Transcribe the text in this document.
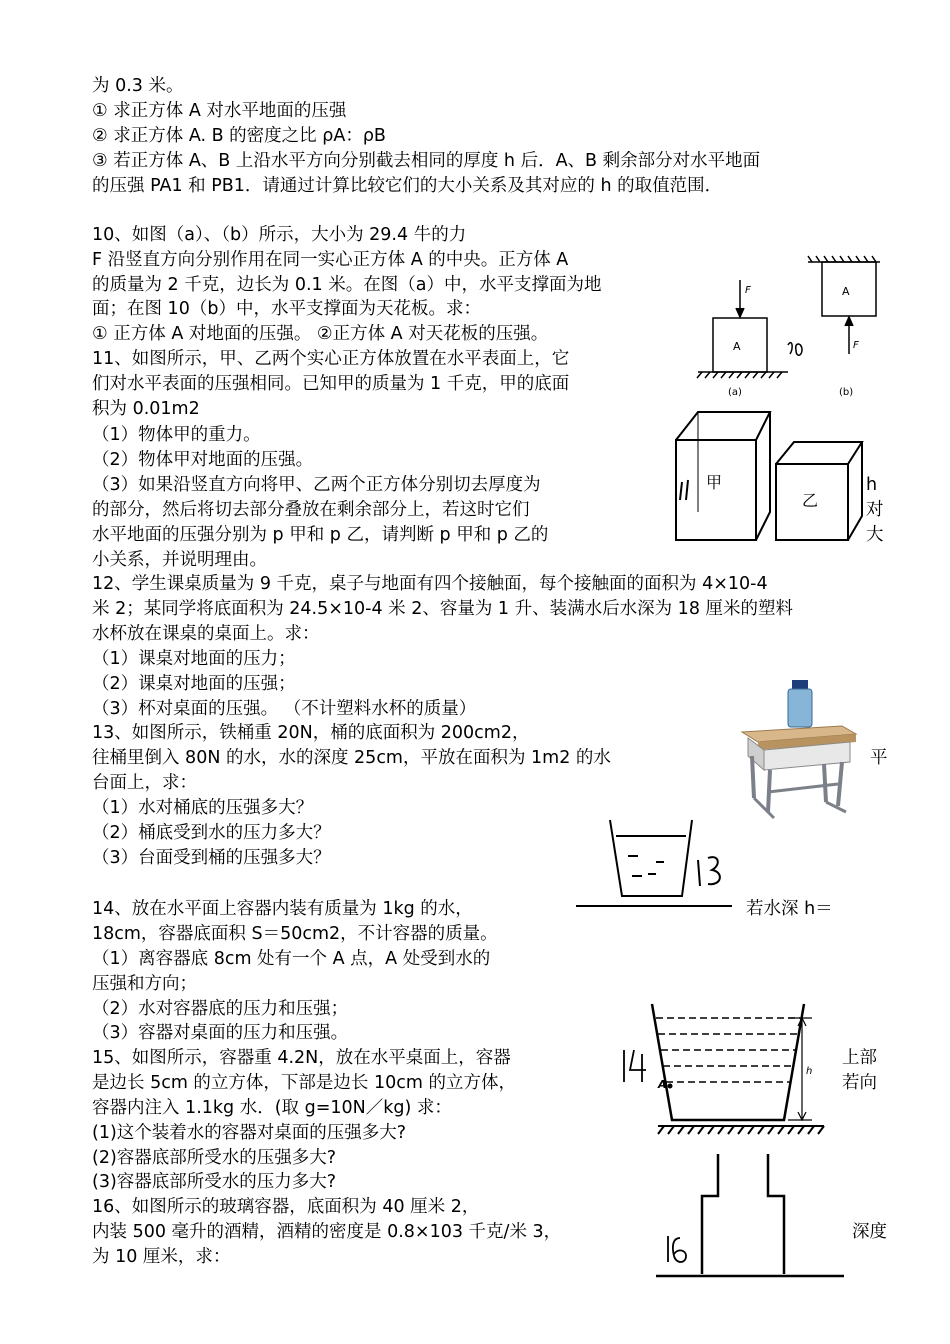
为 0.3 米。
① 求正方体 A 对水平地面的压强
② 求正方体 A. B 的密度之比 ρA：ρB
③ 若正方体 A、B 上沿水平方向分别截去相同的厚度 h 后．A、B 剩余部分对水平地面
的压强 PA1 和 PB1．请通过计算比较它们的大小关系及其对应的 h 的取值范围．
10、如图（a）、（b）所示，大小为 29.4 牛的力
F 沿竖直方向分别作用在同一实心正方体 A 的中央。正方体 A
的质量为 2 千克，边长为 0.1 米。在图（a）中，水平支撑面为地
面；在图 10（b）中，水平支撑面为天花板。求：
① 正方体 A 对地面的压强。 ②正方体 A 对天花板的压强。
11、如图所示，甲、乙两个实心正方体放置在水平表面上，它
们对水平表面的压强相同。已知甲的质量为 1 千克，甲的底面
积为 0.01m2
（1）物体甲的重力。
（2）物体甲对地面的压强。
（3）如果沿竖直方向将甲、乙两个正方体分别切去厚度为
的部分，然后将切去部分叠放在剩余部分上，若这时它们
水平地面的压强分别为 p 甲和 p 乙，请判断 p 甲和 p 乙的
小关系，并说明理由。
12、学生课桌质量为 9 千克，桌子与地面有四个接触面，每个接触面的面积为 4×10-4
米 2；某同学将底面积为 24.5×10-4 米 2、容量为 1 升、装满水后水深为 18 厘米的塑料
水杯放在课桌的桌面上。求：
（1）课桌对地面的压力；
（2）课桌对地面的压强；
（3）杯对桌面的压强。 （不计塑料水杯的质量）
13、如图所示，铁桶重 20N，桶的底面积为 200cm2，
往桶里倒入 80N 的水，水的深度 25cm，平放在面积为 1m2 的水
台面上，求：
（1）水对桶底的压强多大？
（2）桶底受到水的压力多大？
（3）台面受到桶的压强多大？
14、放在水平面上容器内装有质量为 1kg 的水，
18cm，容器底面积 S＝50cm2，不计容器的质量。
（1）离容器底 8cm 处有一个 A 点，A 处受到水的
压强和方向；
（2）水对容器底的压力和压强；
（3）容器对桌面的压力和压强。
15、如图所示，容器重 4.2N，放在水平桌面上，容器
是边长 5cm 的立方体，下部是边长 10cm 的立方体，
容器内注入 1.1kg 水．(取 g=10N／kg) 求：
(1)这个装着水的容器对桌面的压强多大?
(2)容器底部所受水的压强多大?
(3)容器底部所受水的压力多大?
16、如图所示的玻璃容器，底面积为 40 厘米 2，
内装 500 毫升的酒精，酒精的密度是 0.8×103 千克/米 3，
为 10 厘米，求：
h
对
大
平
若水深 h＝
上部
若向
深度
F
A
A
F
(a)	(b)
甲
乙
A
h
